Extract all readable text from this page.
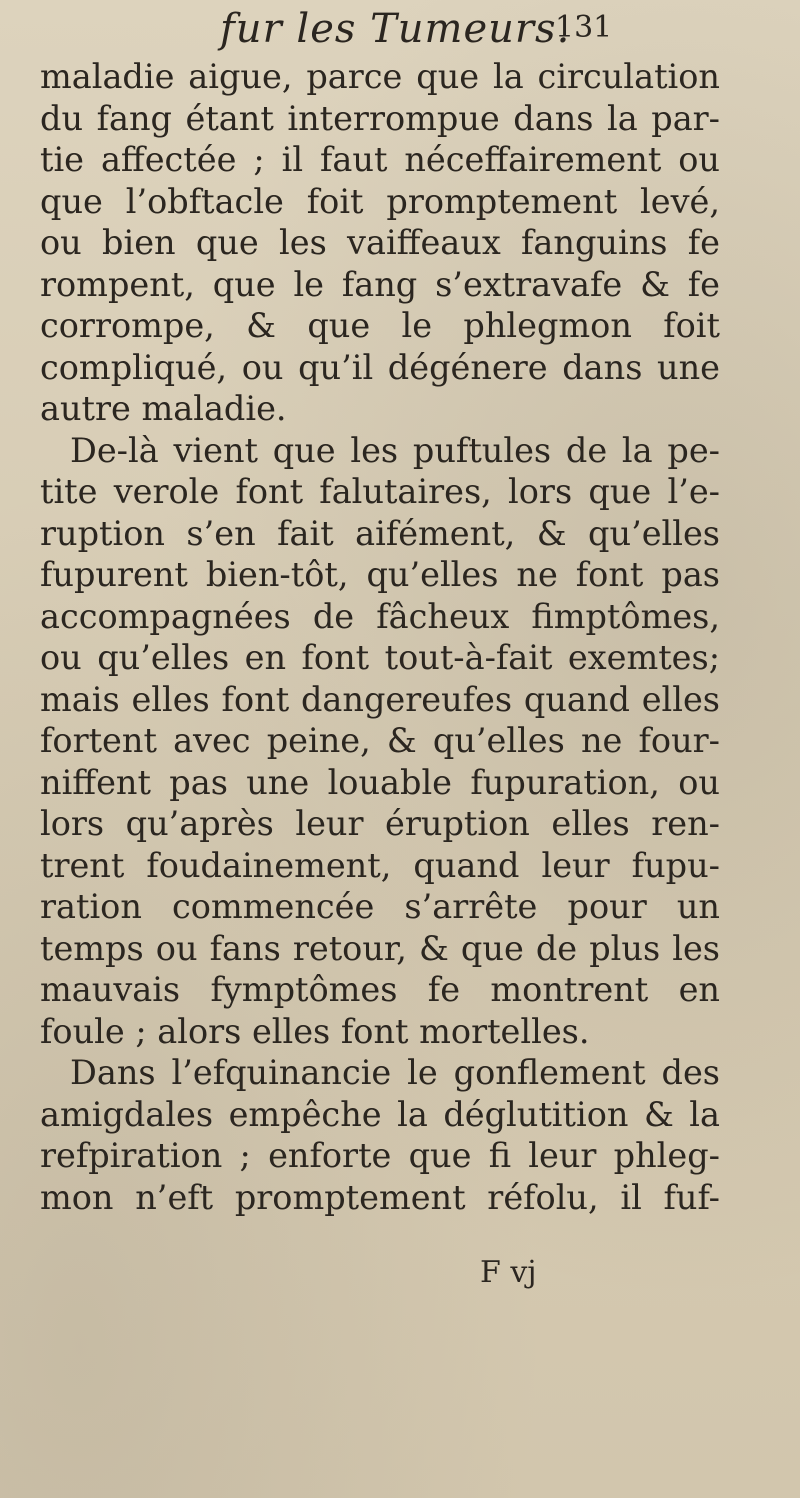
fur les Tumeurs.
131
maladie aigue, parce que la circulation
du fang étant interrompue dans la par-
tie affectée ; il faut néceffairement ou
que l’obftacle foit promptement levé,
ou bien que les vaiffeaux fanguins fe
rompent, que le fang s’extravafe & fe
corrompe, & que le phlegmon foit
compliqué, ou qu’il dégénere dans une
autre maladie.
De-là vient que les puftules de la pe-
tite verole font falutaires, lors que l’e-
ruption s’en fait aifément, & qu’elles
fupurent bien-tôt, qu’elles ne font pas
accompagnées de fâcheux fimptômes,
ou qu’elles en font tout-à-fait exemtes;
mais elles font dangereufes quand elles
fortent avec peine, & qu’elles ne four-
niffent pas une louable fupuration, ou
lors qu’après leur éruption elles ren-
trent foudainement, quand leur fupu-
ration commencée s’arrête pour un
temps ou fans retour, & que de plus les
mauvais fymptômes fe montrent en
foule ; alors elles font mortelles.
Dans l’efquinancie le gonflement des
amigdales empêche la déglutition & la
refpiration ; enforte que fi leur phleg-
mon n’eft promptement réfolu, il fuf-
F vj
